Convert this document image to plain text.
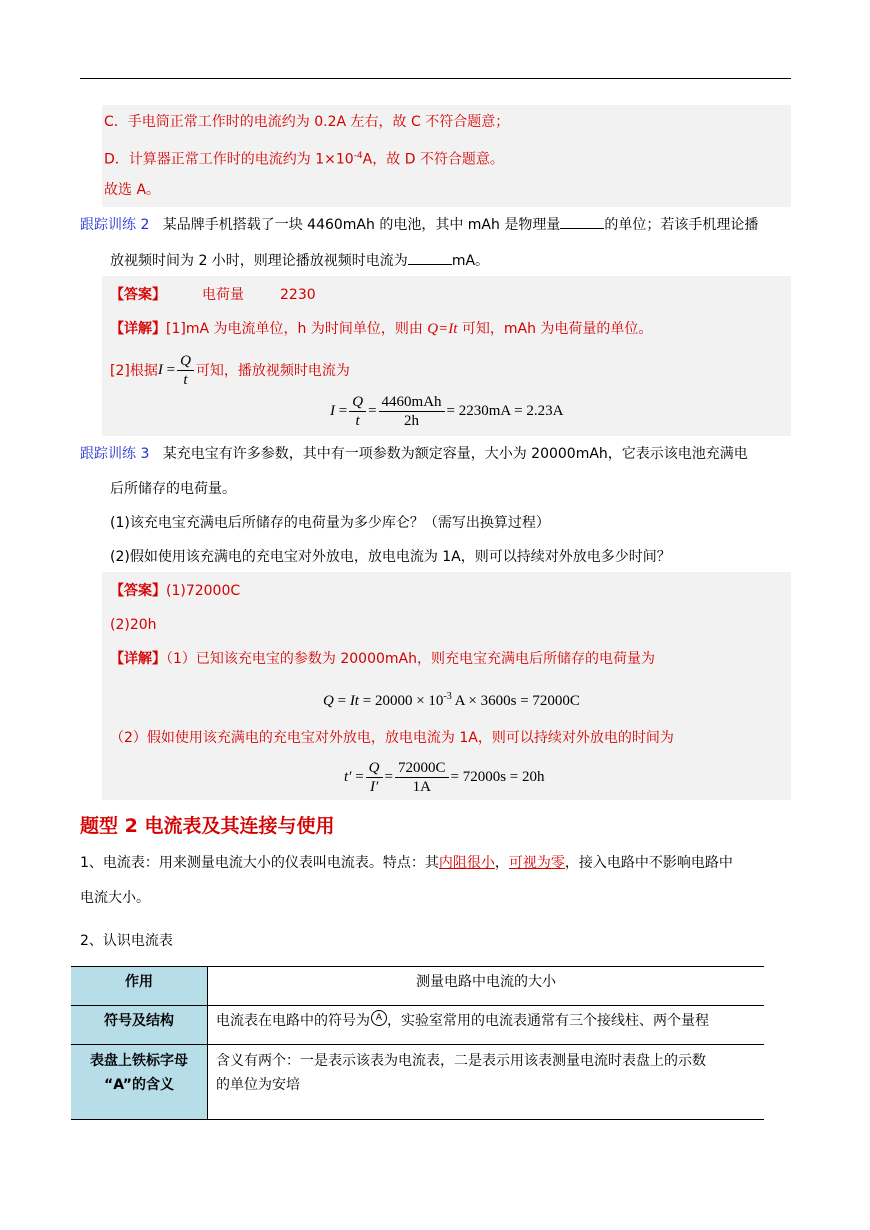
C．手电筒正常工作时的电流约为 0.2A 左右，故 C 不符合题意；
D．计算器正常工作时的电流约为 $1\times 10^{-4}A$，故 D 不符合题意。
故选 A。
跟踪训练 2 某品牌手机搭载了一块 4460mAh 的电池，其中 mAh 是物理量	的单位；若该手机理论播
放视频时间为 2 小时，则理论播放视频时电流为	mA。
【答案】	电荷量	2230
【详解】[1]mA 为电流单位，h 为时间单位，则由 Q=It 可知，mAh 为电荷量的单位。
[2]根据 I
= $\frac{Q}{t}$ 可知，播放视频时电流为
I
= $\frac{Q}{t} = \frac{\text{4460mAh}}{2h} = 2230mA = 2.23A$
跟踪训练 3 某充电宝有许多参数，其中有一项参数为额定容量，大小为 20000mAh，它表示该电池充满电
后所储存的电荷量。
(1)该充电宝充满电后所储存的电荷量为多少库仑？（需写出换算过程）
(2)假如使用该充满电的充电宝对外放电，放电电流为 1A，则可以持续对外放电多少时间？
【答案】(1)72000C
(2)20h
【详解】（1）已知该充电宝的参数为 20000mAh，则充电宝充满电后所储存的电荷量为
$Q = It = 20000 \times 10^{-3}$ A × 3600s = 72000C
（2）假如使用该充满电的充电宝对外放电，放电电流为 1A，则可以持续对外放电的时间为
$t' = \frac{Q}{I'} = \frac{72000C}{1A} = 72000s = 20h$
题型 2 电流表及其连接与使用
1、电流表：用来测量电流大小的仪表叫电流表。特点：其内阻很小，可视为零，接入电路中不影响电路中
电流大小。
2、认识电流表
作用	测量电路中电流的大小
符号及结构	电流表在电路中的符号为 A ，实验室常用的电流表通常有三个接线柱、两个量程
表盘上铁标字母
“A”的含义	含义有两个：一是表示该表为电流表，二是表示用该表测量电流时表盘上的示数
的单位为安培
